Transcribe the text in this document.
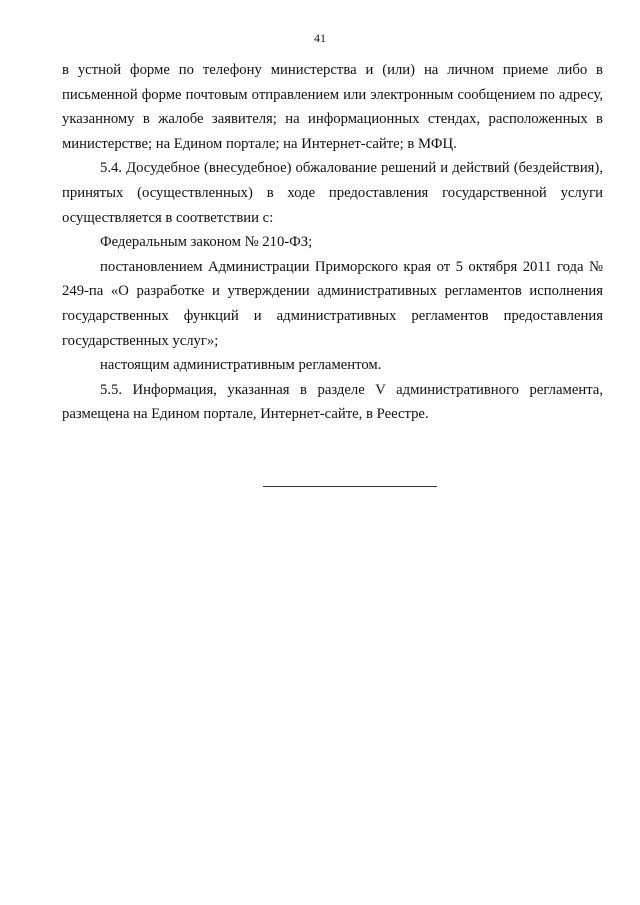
41

в устной форме по телефону министерства и (или) на личном приеме либо в письменной форме почтовым отправлением или электронным сообщением по адресу, указанному в жалобе заявителя; на информационных стендах, расположенных в министерстве; на Едином портале; на Интернет-сайте; в МФЦ.

5.4. Досудебное (внесудебное) обжалование решений и действий (бездействия), принятых (осуществленных) в ходе предоставления государственной услуги осуществляется в соответствии с:

Федеральным законом № 210-ФЗ;

постановлением Администрации Приморского края от 5 октября 2011 года № 249-па «О разработке и утверждении административных регламентов исполнения государственных функций и административных регламентов предоставления государственных услуг»;

настоящим административным регламентом.

5.5. Информация, указанная в разделе V административного регламента, размещена на Едином портале, Интернет-сайте, в Реестре.
